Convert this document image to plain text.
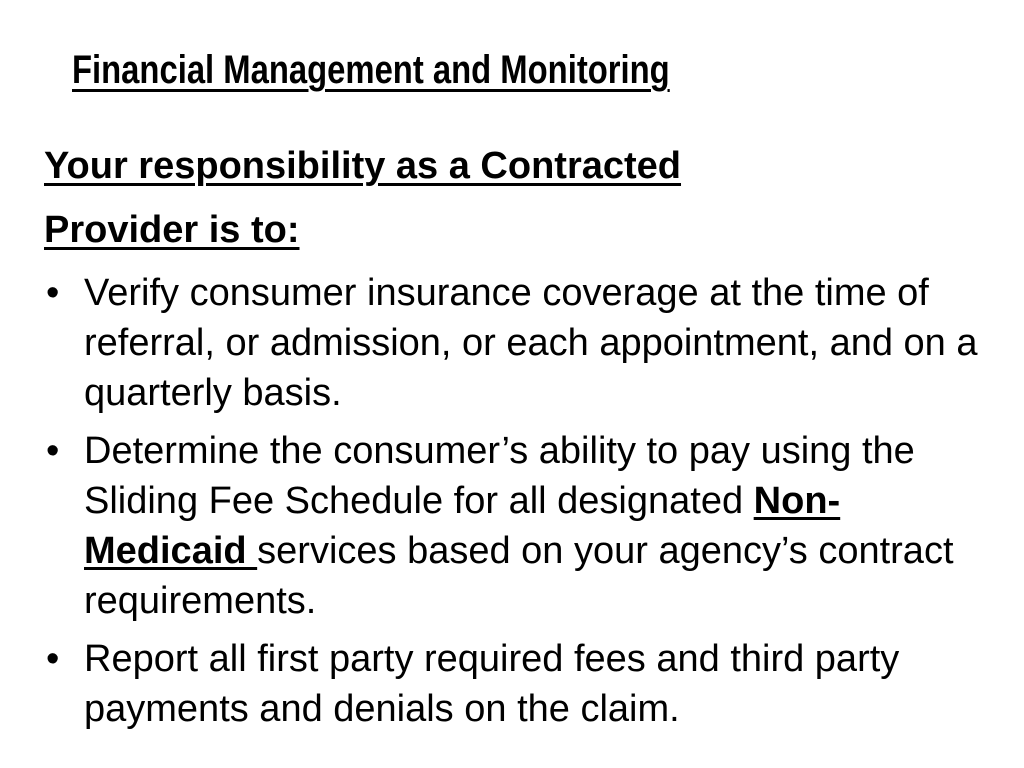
Financial Management and Monitoring
Your responsibility as a Contracted
Provider is to:
• Verify consumer insurance coverage at the time of referral, or admission, or each appointment, and on a quarterly basis.
• Determine the consumer’s ability to pay using the Sliding Fee Schedule for all designated Non-Medicaid services based on your agency’s contract requirements.
• Report all first party required fees and third party payments and denials on the claim.
